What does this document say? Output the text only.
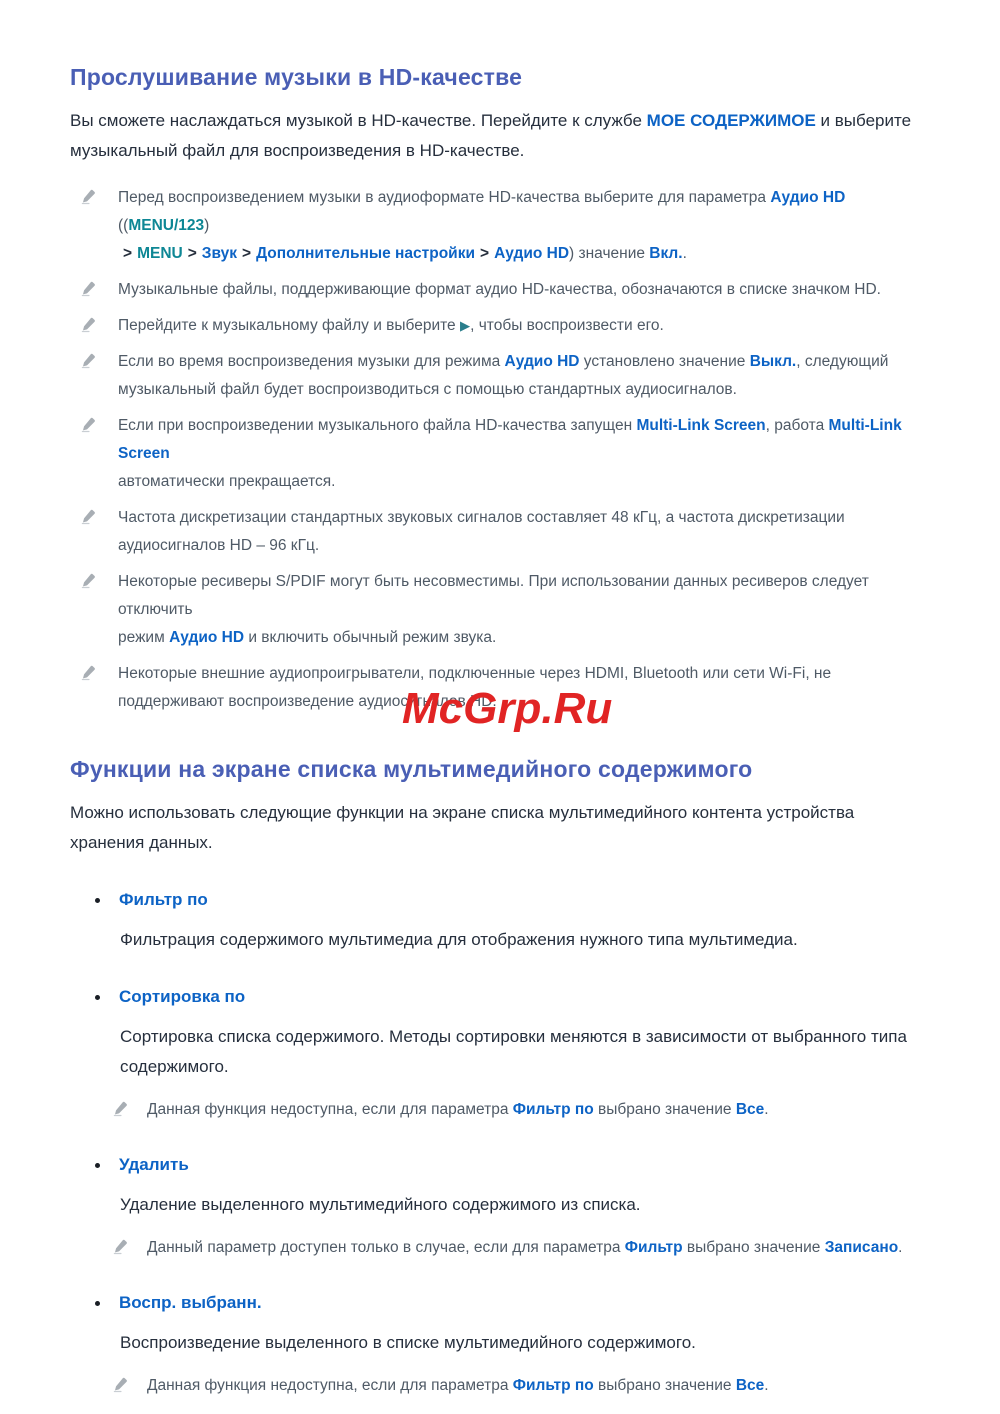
Прослушивание музыки в HD-качестве

Вы сможете наслаждаться музыкой в HD-качестве. Перейдите к службе МОЕ СОДЕРЖИМОЕ и выберите
музыкальный файл для воспроизведения в HD-качестве.

Перед воспроизведением музыки в аудиоформате HD-качества выберите для параметра Аудио HD ((MENU/123)
> MENU > Звук > Дополнительные настройки > Аудио HD) значение Вкл..
Музыкальные файлы, поддерживающие формат аудио HD-качества, обозначаются в списке значком HD.
Перейдите к музыкальному файлу и выберите ▶, чтобы воспроизвести его.
Если во время воспроизведения музыки для режима Аудио HD установлено значение Выкл., следующий
музыкальный файл будет воспроизводиться с помощью стандартных аудиосигналов.
Если при воспроизведении музыкального файла HD-качества запущен Multi-Link Screen, работа Multi-Link Screen
автоматически прекращается.
Частота дискретизации стандартных звуковых сигналов составляет 48 кГц, а частота дискретизации
аудиосигналов HD – 96 кГц.
Некоторые ресиверы S/PDIF могут быть несовместимы. При использовании данных ресиверов следует отключить
режим Аудио HD и включить обычный режим звука.
Некоторые внешние аудиопроигрыватели, подключенные через HDMI, Bluetooth или сети Wi-Fi, не
поддерживают воспроизведение аудиосигналов HD.
Функции на экране списка мультимедийного содержимого

Можно использовать следующие функции на экране списка мультимедийного контента устройства
хранения данных.

Фильтр по

Фильтрация содержимого мультимедиа для отображения нужного типа мультимедиа.

Сортировка по

Сортировка списка содержимого. Методы сортировки меняются в зависимости от выбранного типа
содержимого.

Данная функция недоступна, если для параметра Фильтр по выбрано значение Все.
Удалить

Удаление выделенного мультимедийного содержимого из списка.

Данный параметр доступен только в случае, если для параметра Фильтр выбрано значение Записано.
Воспр. выбранн.

Воспроизведение выделенного в списке мультимедийного содержимого.

Данная функция недоступна, если для параметра Фильтр по выбрано значение Все.
McGrp.Ru
